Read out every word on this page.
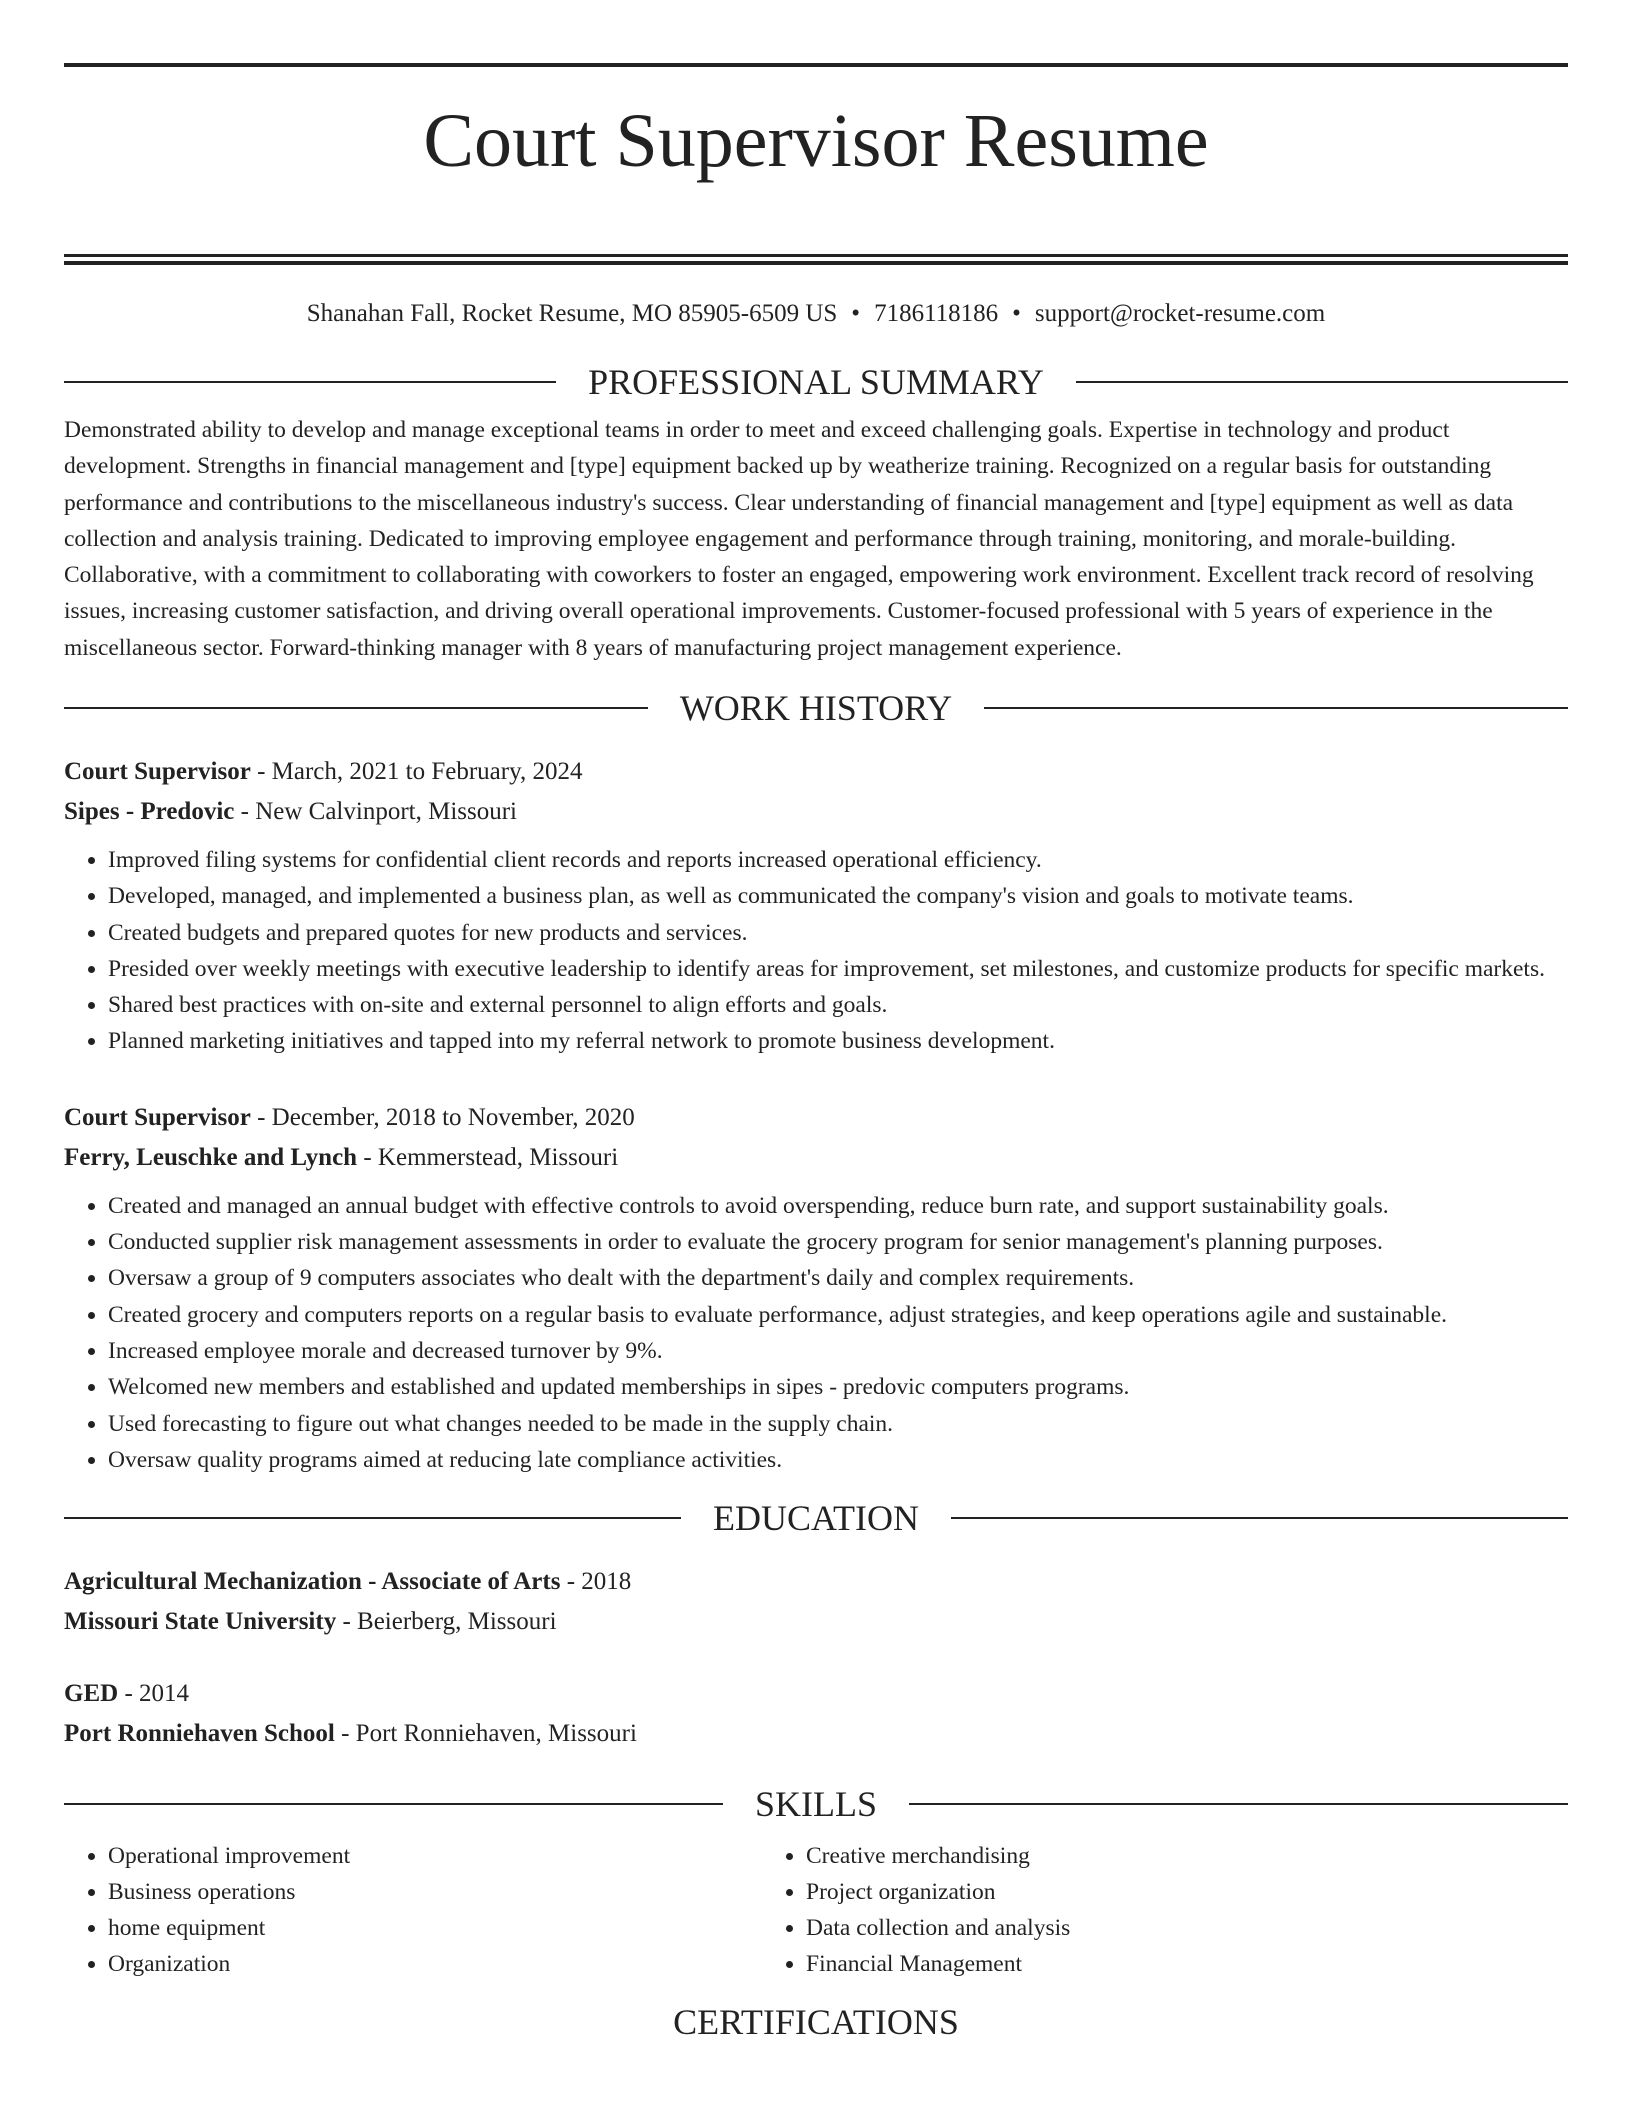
Court Supervisor Resume
Shanahan Fall, Rocket Resume, MO 85905-6509 US • 7186118186 • support@rocket-resume.com
PROFESSIONAL SUMMARY

Demonstrated ability to develop and manage exceptional teams in order to meet and exceed challenging goals. Expertise in technology and product development. Strengths in financial management and [type] equipment backed up by weatherize training. Recognized on a regular basis for outstanding performance and contributions to the miscellaneous industry's success. Clear understanding of financial management and [type] equipment as well as data collection and analysis training. Dedicated to improving employee engagement and performance through training, monitoring, and morale-building. Collaborative, with a commitment to collaborating with coworkers to foster an engaged, empowering work environment. Excellent track record of resolving issues, increasing customer satisfaction, and driving overall operational improvements. Customer-focused professional with 5 years of experience in the miscellaneous sector. Forward-thinking manager with 8 years of manufacturing project management experience.

WORK HISTORY
Court Supervisor - March, 2021 to February, 2024
Sipes - Predovic - New Calvinport, Missouri
• Improved filing systems for confidential client records and reports increased operational efficiency.
• Developed, managed, and implemented a business plan, as well as communicated the company's vision and goals to motivate teams.
• Created budgets and prepared quotes for new products and services.
• Presided over weekly meetings with executive leadership to identify areas for improvement, set milestones, and customize products for specific markets.
• Shared best practices with on-site and external personnel to align efforts and goals.
• Planned marketing initiatives and tapped into my referral network to promote business development.
Court Supervisor - December, 2018 to November, 2020
Ferry, Leuschke and Lynch - Kemmerstead, Missouri
• Created and managed an annual budget with effective controls to avoid overspending, reduce burn rate, and support sustainability goals.
• Conducted supplier risk management assessments in order to evaluate the grocery program for senior management's planning purposes.
• Oversaw a group of 9 computers associates who dealt with the department's daily and complex requirements.
• Created grocery and computers reports on a regular basis to evaluate performance, adjust strategies, and keep operations agile and sustainable.
• Increased employee morale and decreased turnover by 9%.
• Welcomed new members and established and updated memberships in sipes - predovic computers programs.
• Used forecasting to figure out what changes needed to be made in the supply chain.
• Oversaw quality programs aimed at reducing late compliance activities.
EDUCATION
Agricultural Mechanization - Associate of Arts - 2018
Missouri State University - Beierberg, Missouri
GED - 2014
Port Ronniehaven School - Port Ronniehaven, Missouri
SKILLS
• Operational improvement
• Business operations
• home equipment
• Organization
• Creative merchandising
• Project organization
• Data collection and analysis
• Financial Management
CERTIFICATIONS
